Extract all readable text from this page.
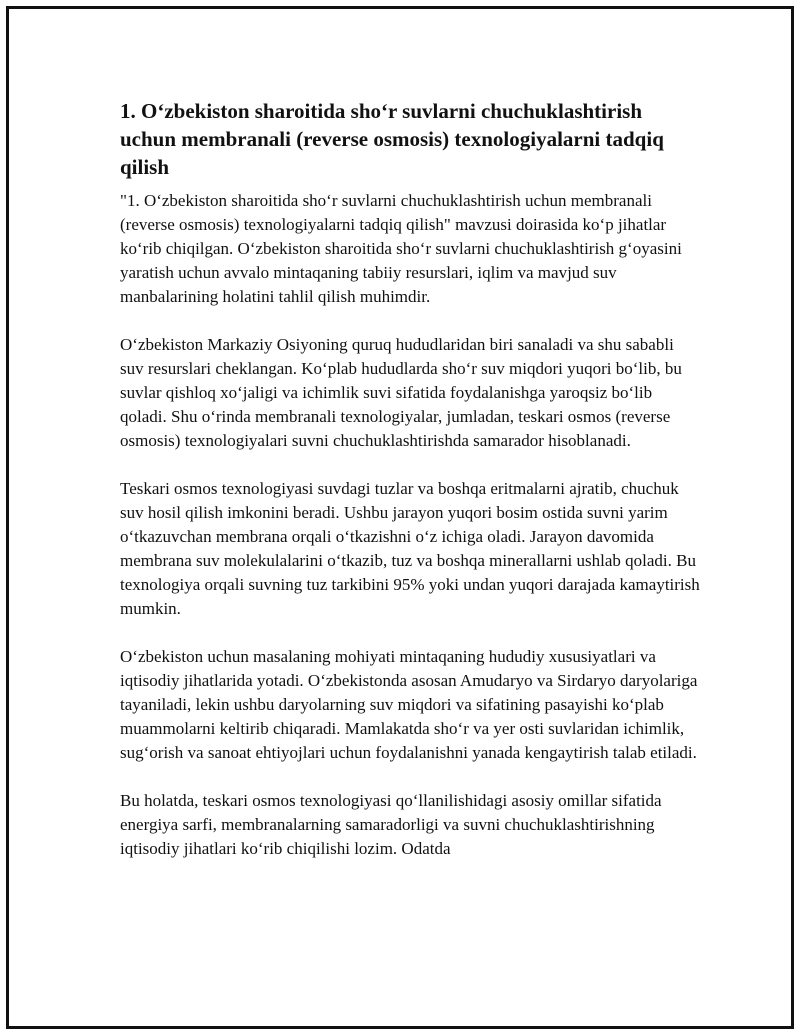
1. O‘zbekiston sharoitida sho‘r suvlarni chuchuklashtirish uchun membranali (reverse osmosis) texnologiyalarni tadqiq qilish

"1. O‘zbekiston sharoitida sho‘r suvlarni chuchuklashtirish uchun membranali (reverse osmosis) texnologiyalarni tadqiq qilish" mavzusi doirasida ko‘p jihatlar ko‘rib chiqilgan. O‘zbekiston sharoitida sho‘r suvlarni chuchuklashtirish g‘oyasini yaratish uchun avvalo mintaqaning tabiiy resurslari, iqlim va mavjud suv manbalarining holatini tahlil qilish muhimdir.

O‘zbekiston Markaziy Osiyoning quruq hududlaridan biri sanaladi va shu sababli suv resurslari cheklangan. Ko‘plab hududlarda sho‘r suv miqdori yuqori bo‘lib, bu suvlar qishloq xo‘jaligi va ichimlik suvi sifatida foydalanishga yaroqsiz bo‘lib qoladi. Shu o‘rinda membranali texnologiyalar, jumladan, teskari osmos (reverse osmosis) texnologiyalari suvni chuchuklashtirishda samarador hisoblanadi.

Teskari osmos texnologiyasi suvdagi tuzlar va boshqa eritmalarni ajratib, chuchuk suv hosil qilish imkonini beradi. Ushbu jarayon yuqori bosim ostida suvni yarim o‘tkazuvchan membrana orqali o‘tkazishni o‘z ichiga oladi. Jarayon davomida membrana suv molekulalarini o‘tkazib, tuz va boshqa minerallarni ushlab qoladi. Bu texnologiya orqali suvning tuz tarkibini 95% yoki undan yuqori darajada kamaytirish mumkin.

O‘zbekiston uchun masalaning mohiyati mintaqaning hududiy xususiyatlari va iqtisodiy jihatlarida yotadi. O‘zbekistonda asosan Amudaryo va Sirdaryo daryolariga tayaniladi, lekin ushbu daryolarning suv miqdori va sifatining pasayishi ko‘plab muammolarni keltirib chiqaradi. Mamlakatda sho‘r va yer osti suvlaridan ichimlik, sug‘orish va sanoat ehtiyojlari uchun foydalanishni yanada kengaytirish talab etiladi.

Bu holatda, teskari osmos texnologiyasi qo‘llanilishidagi asosiy omillar sifatida energiya sarfi, membranalarning samaradorligi va suvni chuchuklashtirishning iqtisodiy jihatlari ko‘rib chiqilishi lozim. Odatda
